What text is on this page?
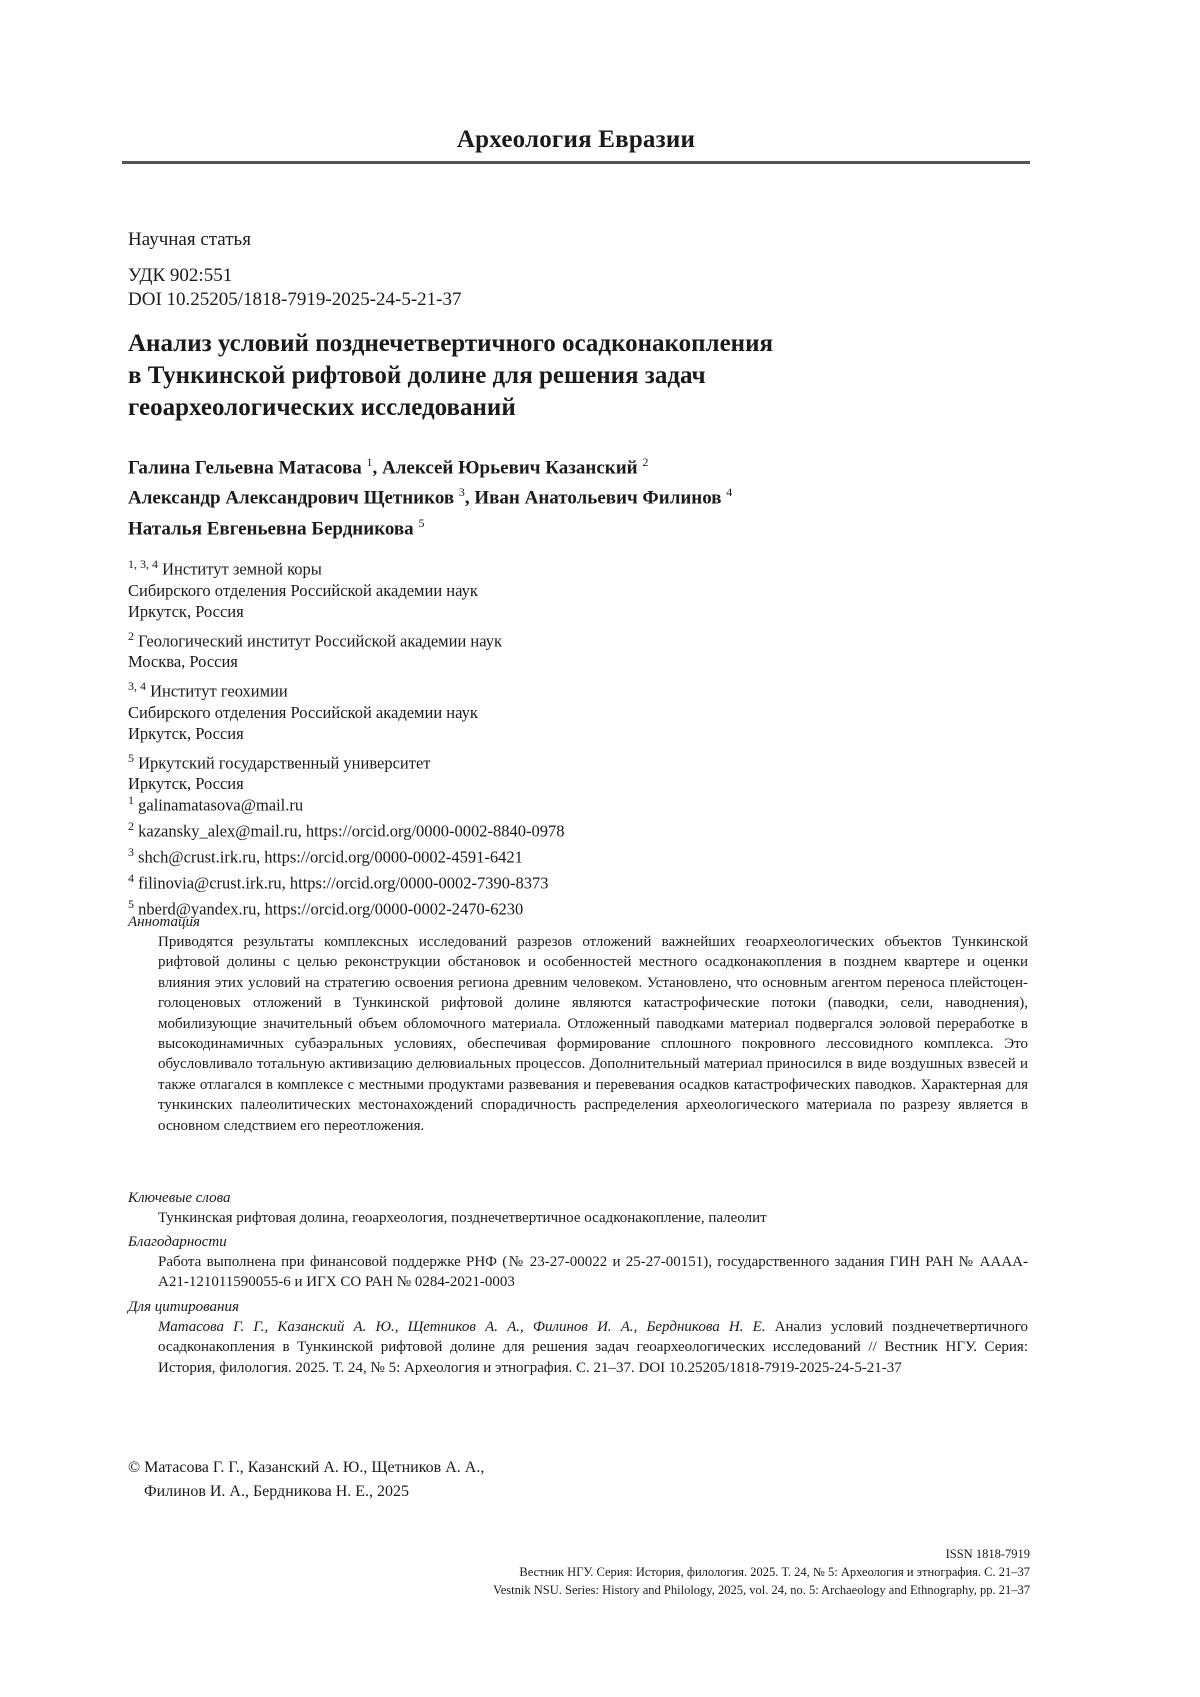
Археология Евразии
Научная статья
УДК 902:551
DOI 10.25205/1818-7919-2025-24-5-21-37
Анализ условий позднечетвертичного осадконакопления
в Тункинской рифтовой долине для решения задач
геоархеологических исследований
Галина Гельевна Матасова $^1$, Алексей Юрьевич Казанский $^2$
Александр Александрович Щетников $^3$, Иван Анатольевич Филинов $^4$
Наталья Евгеньевна Бердникова $^5$
$^{1, 3, 4}$ Институт земной коры
Сибирского отделения Российской академии наук
Иркутск, Россия
$^2$ Геологический институт Российской академии наук
Москва, Россия
$^{3, 4}$ Институт геохимии
Сибирского отделения Российской академии наук
Иркутск, Россия
$^5$ Иркутский государственный университет
Иркутск, Россия
$^1$ galinamatasova@mail.ru
$^2$ kazansky_alex@mail.ru, https://orcid.org/0000-0002-8840-0978
$^3$ shch@crust.irk.ru, https://orcid.org/0000-0002-4591-6421
$^4$ filinovia@crust.irk.ru, https://orcid.org/0000-0002-7390-8373
$^5$ nberd@yandex.ru, https://orcid.org/0000-0002-2470-6230
Аннотация
Приводятся результаты комплексных исследований разрезов отложений важнейших геоархеологических объектов Тункинской рифтовой долины с целью реконструкции обстановок и особенностей местного осадконакопления в позднем квартере и оценки влияния этих условий на стратегию освоения региона древним человеком. Установлено, что основным агентом переноса плейстоцен-голоценовых отложений в Тункинской рифтовой долине являются катастрофические потоки (паводки, сели, наводнения), мобилизующие значительный объем обломочного материала. Отложенный паводками материал подвергался эоловой переработке в высокодинамичных субаэральных условиях, обеспечивая формирование сплошного покровного лессовидного комплекса. Это обусловливало тотальную активизацию делювиальных процессов. Дополнительный материал приносился в виде воздушных взвесей и также отлагался в комплексе с местными продуктами развевания и перевевания осадков катастрофических паводков. Характерная для тункинских палеолитических местонахождений спорадичность распределения археологического материала по разрезу является в основном следствием его переотложения.
Ключевые слова
Тункинская рифтовая долина, геоархеология, позднечетвертичное осадконакопление, палеолит
Благодарности
Работа выполнена при финансовой поддержке РНФ (№ 23-27-00022 и 25-27-00151), государственного задания ГИН РАН № АААА-А21-121011590055-6 и ИГХ СО РАН № 0284-2021-0003
Для цитирования
Матасова Г. Г., Казанский А. Ю., Щетников А. А., Филинов И. А., Бердникова Н. Е. Анализ условий позднечетвертичного осадконакопления в Тункинской рифтовой долине для решения задач геоархеологических исследований // Вестник НГУ. Серия: История, филология. 2025. Т. 24, № 5: Археология и этнография. С. 21–37. DOI 10.25205/1818-7919-2025-24-5-21-37
© Матасова Г. Г., Казанский А. Ю., Щетников А. А.,
Филинов И. А., Бердникова Н. Е., 2025
ISSN 1818-7919
Вестник НГУ. Серия: История, филология. 2025. Т. 24, № 5: Археология и этнография. С. 21–37
Vestnik NSU. Series: History and Philology, 2025, vol. 24, no. 5: Archaeology and Ethnography, pp. 21–37
